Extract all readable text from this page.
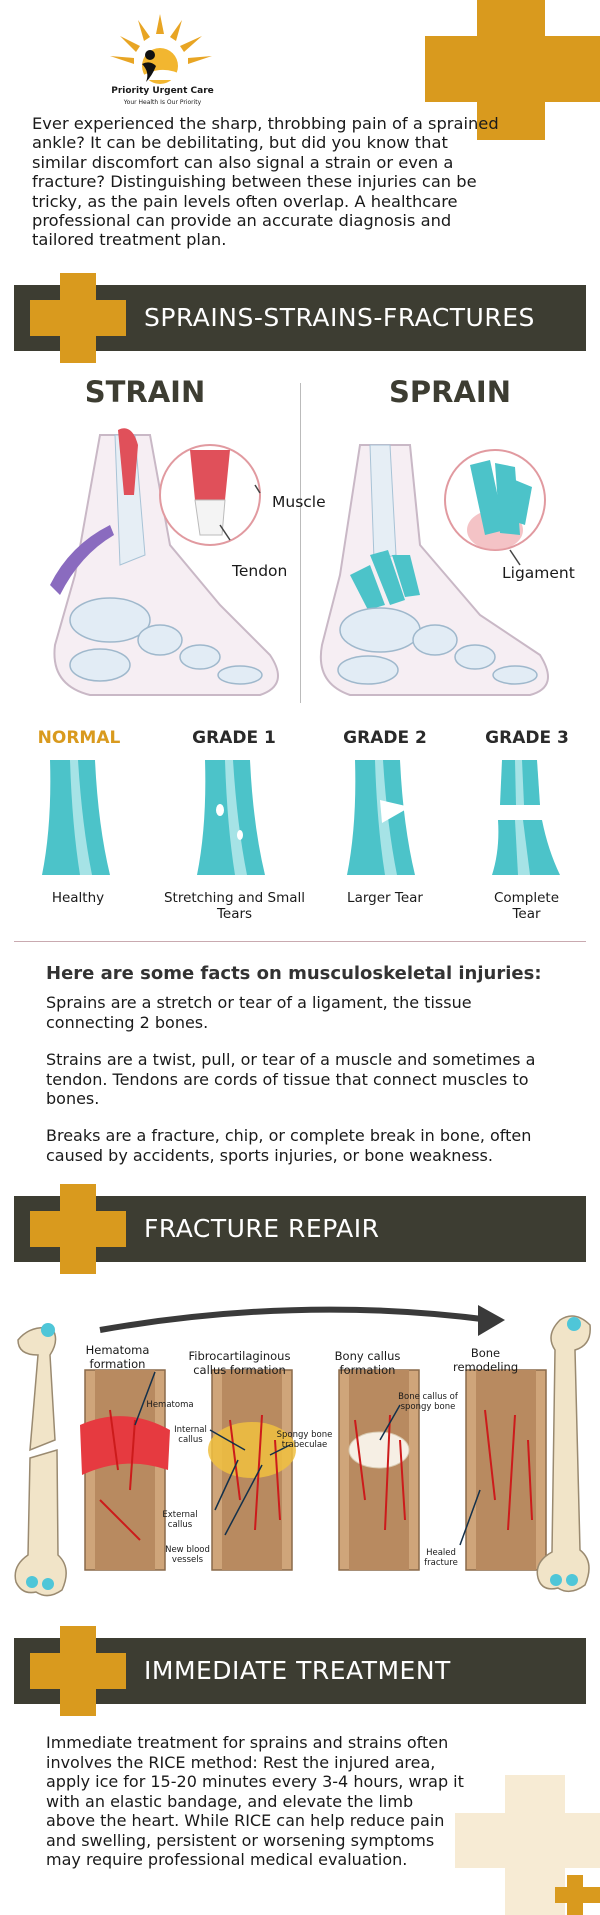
Priority Urgent Care
Your Health Is Our Priority
Ever experienced the sharp, throbbing pain of a sprained ankle? It can be debilitating, but did you know that similar discomfort can also signal a strain or even a fracture? Distinguishing between these injuries can be tricky, as the pain levels often overlap. A healthcare professional can provide an accurate diagnosis and tailored treatment plan.
SPRAINS-STRAINS-FRACTURES
STRAIN	SPRAIN
Muscle
Tendon	Ligament
NORMAL	GRADE 1	GRADE 2	GRADE 3
Healthy	Stretching and Small Tears
Larger Tear	Complete Tear
Here are some facts on musculoskeletal injuries:
Sprains are a stretch or tear of a ligament, the tissue connecting 2 bones.
Strains are a twist, pull, or tear of a muscle and sometimes a tendon. Tendons are cords of tissue that connect muscles to bones.
Breaks are a fracture, chip, or complete break in bone, often caused by accidents, sports injuries, or bone weakness.
FRACTURE REPAIR
Hematoma formation
Fibrocartilaginous callus formation
Bony callus formation
Bone remodeling
Hematoma
Internal callus	Spongy bone trabeculae
Bone callus of spongy bone
External callus
New blood vessels
Healed fracture
IMMEDIATE TREATMENT
Immediate treatment for sprains and strains often involves the RICE method: Rest the injured area, apply ice for 15-20 minutes every 3-4 hours, wrap it with an elastic bandage, and elevate the limb above the heart. While RICE can help reduce pain and swelling, persistent or worsening symptoms may require professional medical evaluation.
